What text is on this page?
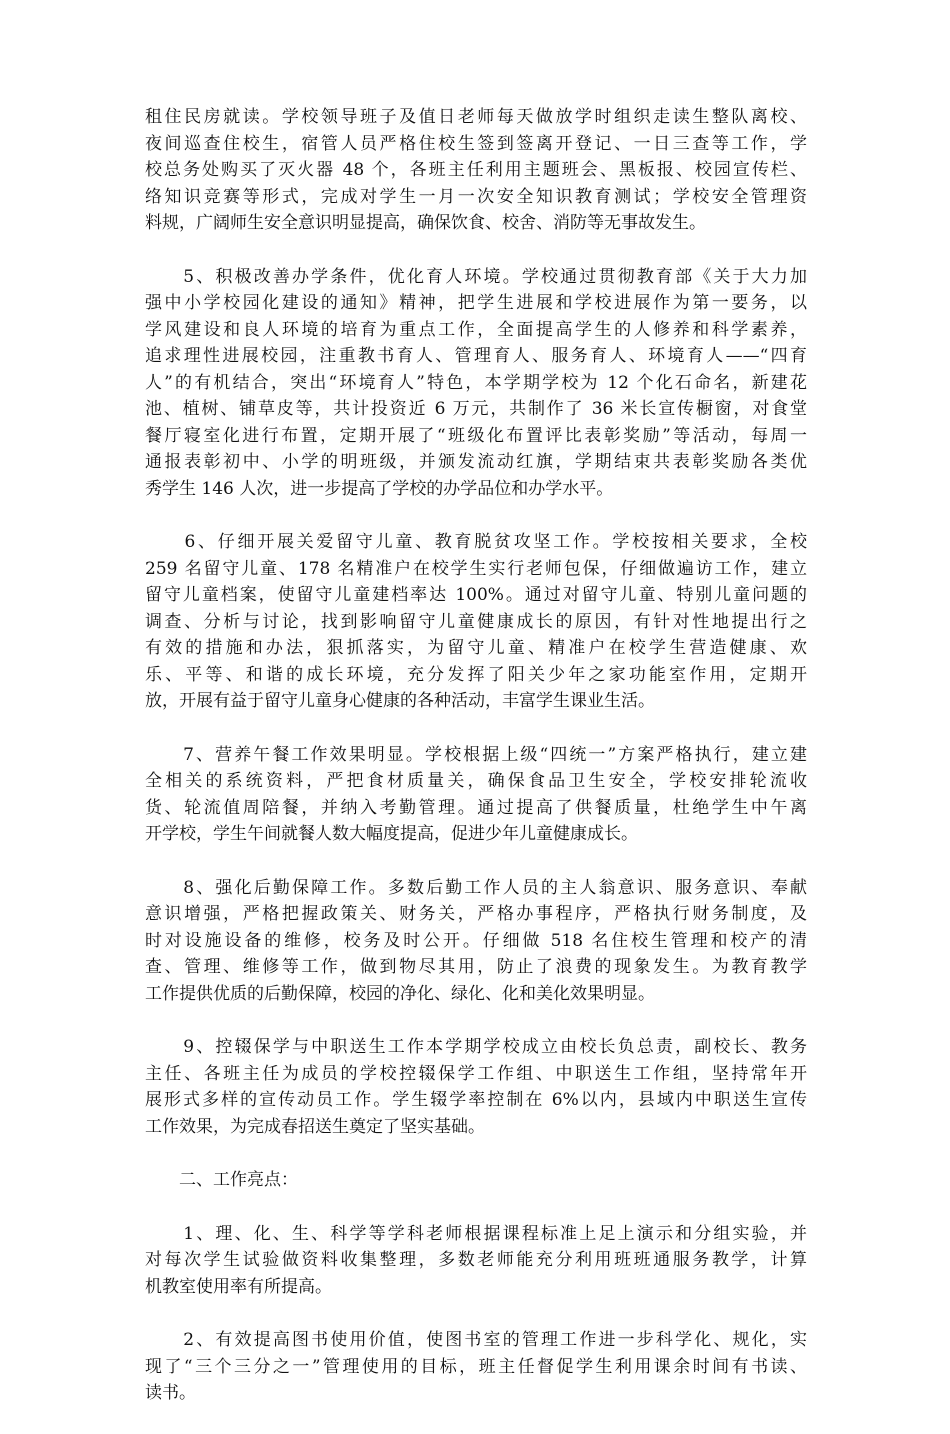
租住民房就读。学校领导班子及值日老师每天做放学时组织走读生整队离校、
夜间巡查住校生，宿管人员严格住校生签到签离开登记、一日三查等工作，学
校总务处购买了灭火器 48 个，各班主任利用主题班会、黑板报、校园宣传栏、
络知识竞赛等形式，完成对学生一月一次安全知识教育测试；学校安全管理资
料规，广阔师生安全意识明显提高，确保饮食、校舍、消防等无事故发生。
　　5、积极改善办学条件，优化育人环境。学校通过贯彻教育部《关于大力加
强中小学校园化建设的通知》精神，把学生进展和学校进展作为第一要务，以
学风建设和良人环境的培育为重点工作，全面提高学生的人修养和科学素养，
追求理性进展校园，注重教书育人、管理育人、服务育人、环境育人——“四育
人”的有机结合，突出“环境育人”特色，本学期学校为 12 个化石命名，新建花
池、植树、铺草皮等，共计投资近 6 万元，共制作了 36 米长宣传橱窗，对食堂
餐厅寝室化进行布置，定期开展了“班级化布置评比表彰奖励”等活动，每周一
通报表彰初中、小学的明班级，并颁发流动红旗，学期结束共表彰奖励各类优
秀学生 146 人次，进一步提高了学校的办学品位和办学水平。
　　6、仔细开展关爱留守儿童、教育脱贫攻坚工作。学校按相关要求，全校
259 名留守儿童、178 名精准户在校学生实行老师包保，仔细做遍访工作，建立
留守儿童档案，使留守儿童建档率达 100%。通过对留守儿童、特别儿童问题的
调查、分析与讨论，找到影响留守儿童健康成长的原因，有针对性地提出行之
有效的措施和办法，狠抓落实，为留守儿童、精准户在校学生营造健康、欢
乐、平等、和谐的成长环境，充分发挥了阳关少年之家功能室作用，定期开
放，开展有益于留守儿童身心健康的各种活动，丰富学生课业生活。
　　7、营养午餐工作效果明显。学校根据上级“四统一”方案严格执行，建立建
全相关的系统资料，严把食材质量关，确保食品卫生安全，学校安排轮流收
货、轮流值周陪餐，并纳入考勤管理。通过提高了供餐质量，杜绝学生中午离
开学校，学生午间就餐人数大幅度提高，促进少年儿童健康成长。
　　8、强化后勤保障工作。多数后勤工作人员的主人翁意识、服务意识、奉献
意识增强，严格把握政策关、财务关，严格办事程序，严格执行财务制度，及
时对设施设备的维修，校务及时公开。仔细做 518 名住校生管理和校产的清
查、管理、维修等工作，做到物尽其用，防止了浪费的现象发生。为教育教学
工作提供优质的后勤保障，校园的净化、绿化、化和美化效果明显。
　　9、控辍保学与中职送生工作本学期学校成立由校长负总责，副校长、教务
主任、各班主任为成员的学校控辍保学工作组、中职送生工作组，坚持常年开
展形式多样的宣传动员工作。学生辍学率控制在 6%以内，县域内中职送生宣传
工作效果，为完成春招送生奠定了坚实基础。
　　二、工作亮点：
　　1、理、化、生、科学等学科老师根据课程标准上足上演示和分组实验，并
对每次学生试验做资料收集整理，多数老师能充分利用班班通服务教学，计算
机教室使用率有所提高。
　　2、有效提高图书使用价值，使图书室的管理工作进一步科学化、规化，实
现了“三个三分之一”管理使用的目标，班主任督促学生利用课余时间有书读、
读书。
